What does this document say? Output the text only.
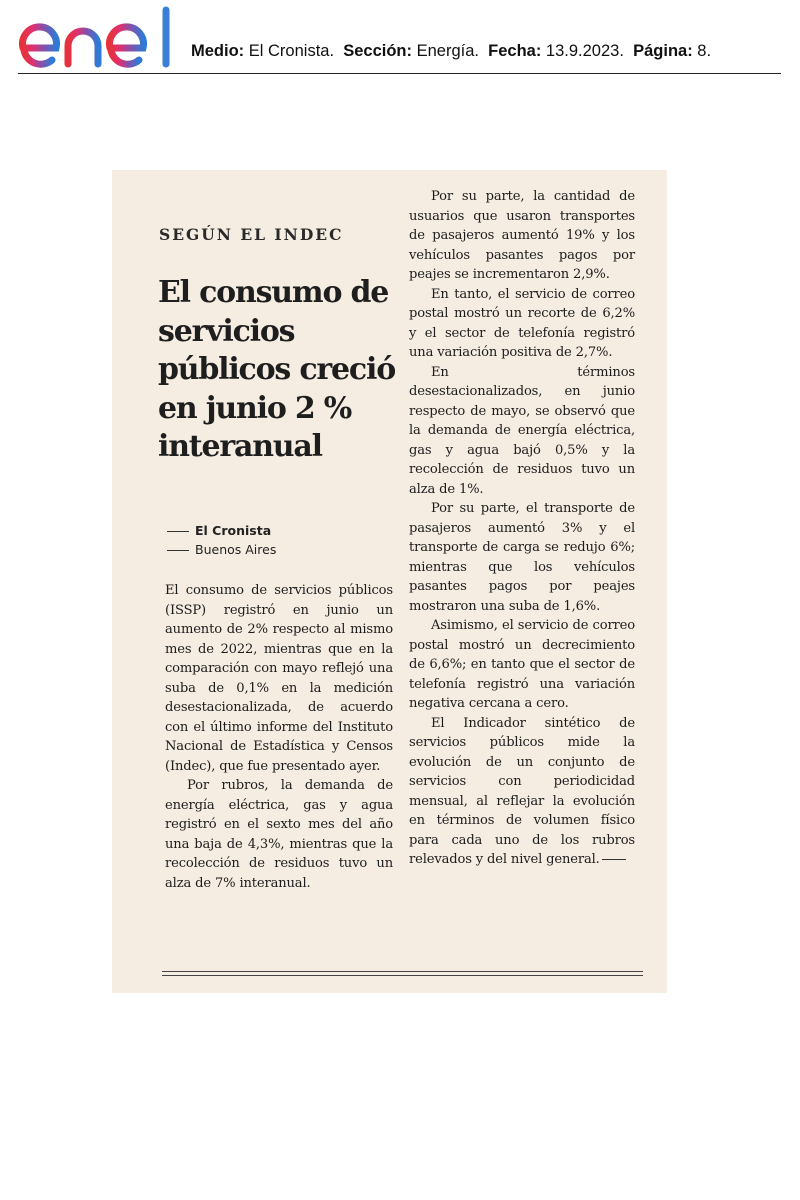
Medio: El Cronista. Sección: Energía. Fecha: 13.9.2023. Página: 8.
SEGÚN EL INDEC
El consumo de servicios públicos creció en junio 2 % interanual
El Cronista
Buenos Aires

El consumo de servicios públicos (ISSP) registró en junio un aumento de 2% respecto al mismo mes de 2022, mientras que en la comparación con mayo reflejó una suba de 0,1% en la medición desestacionalizada, de acuerdo con el último informe del Instituto Nacional de Estadística y Censos (Indec), que fue presentado ayer.

Por rubros, la demanda de energía eléctrica, gas y agua registró en el sexto mes del año una baja de 4,3%, mientras que la recolección de residuos tuvo un alza de 7% interanual.

Por su parte, la cantidad de usuarios que usaron transportes de pasajeros aumentó 19% y los vehículos pasantes pagos por peajes se incrementaron 2,9%.

En tanto, el servicio de correo postal mostró un recorte de 6,2% y el sector de telefonía registró una variación positiva de 2,7%.

En términos desestacionalizados, en junio respecto de mayo, se observó que la demanda de energía eléctrica, gas y agua bajó 0,5% y la recolección de residuos tuvo un alza de 1%.

Por su parte, el transporte de pasajeros aumentó 3% y el transporte de carga se redujo 6%; mientras que los vehículos pasantes pagos por peajes mostraron una suba de 1,6%.

Asimismo, el servicio de correo postal mostró un decrecimiento de 6,6%; en tanto que el sector de telefonía registró una variación negativa cercana a cero.

El Indicador sintético de servicios públicos mide la evolución de un conjunto de servicios con periodicidad mensual, al reflejar la evolución en términos de volumen físico para cada uno de los rubros relevados y del nivel general.
